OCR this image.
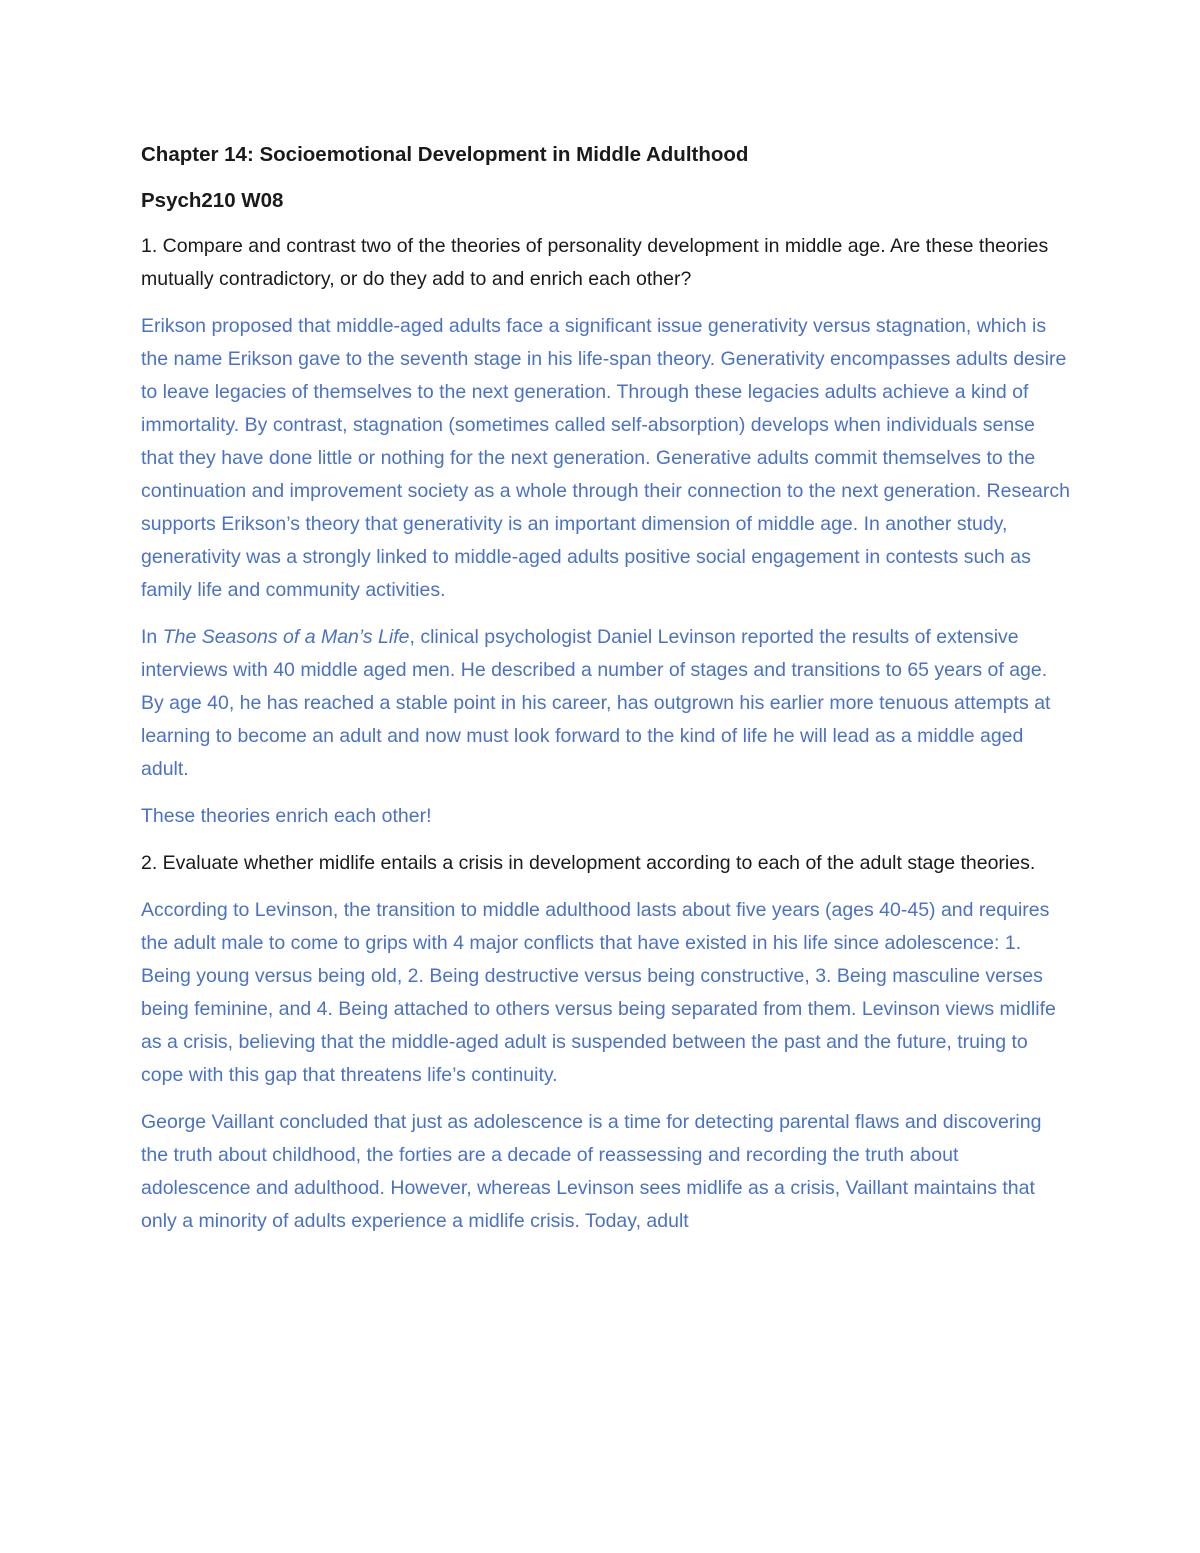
Chapter 14: Socioemotional Development in Middle Adulthood

Psych210 W08

1. Compare and contrast two of the theories of personality development in middle age. Are these theories mutually contradictory, or do they add to and enrich each other?

Erikson proposed that middle-aged adults face a significant issue generativity versus stagnation, which is the name Erikson gave to the seventh stage in his life-span theory. Generativity encompasses adults desire to leave legacies of themselves to the next generation. Through these legacies adults achieve a kind of immortality. By contrast, stagnation (sometimes called self-absorption) develops when individuals sense that they have done little or nothing for the next generation. Generative adults commit themselves to the continuation and improvement society as a whole through their connection to the next generation. Research supports Erikson’s theory that generativity is an important dimension of middle age. In another study, generativity was a strongly linked to middle-aged adults positive social engagement in contests such as family life and community activities.

In The Seasons of a Man’s Life, clinical psychologist Daniel Levinson reported the results of extensive interviews with 40 middle aged men. He described a number of stages and transitions to 65 years of age. By age 40, he has reached a stable point in his career, has outgrown his earlier more tenuous attempts at learning to become an adult and now must look forward to the kind of life he will lead as a middle aged adult.

These theories enrich each other!

2. Evaluate whether midlife entails a crisis in development according to each of the adult stage theories.

According to Levinson, the transition to middle adulthood lasts about five years (ages 40-45) and requires the adult male to come to grips with 4 major conflicts that have existed in his life since adolescence: 1. Being young versus being old, 2. Being destructive versus being constructive, 3. Being masculine verses being feminine, and 4. Being attached to others versus being separated from them. Levinson views midlife as a crisis, believing that the middle-aged adult is suspended between the past and the future, truing to cope with this gap that threatens life’s continuity.

George Vaillant concluded that just as adolescence is a time for detecting parental flaws and discovering the truth about childhood, the forties are a decade of reassessing and recording the truth about adolescence and adulthood. However, whereas Levinson sees midlife as a crisis, Vaillant maintains that only a minority of adults experience a midlife crisis. Today, adult
